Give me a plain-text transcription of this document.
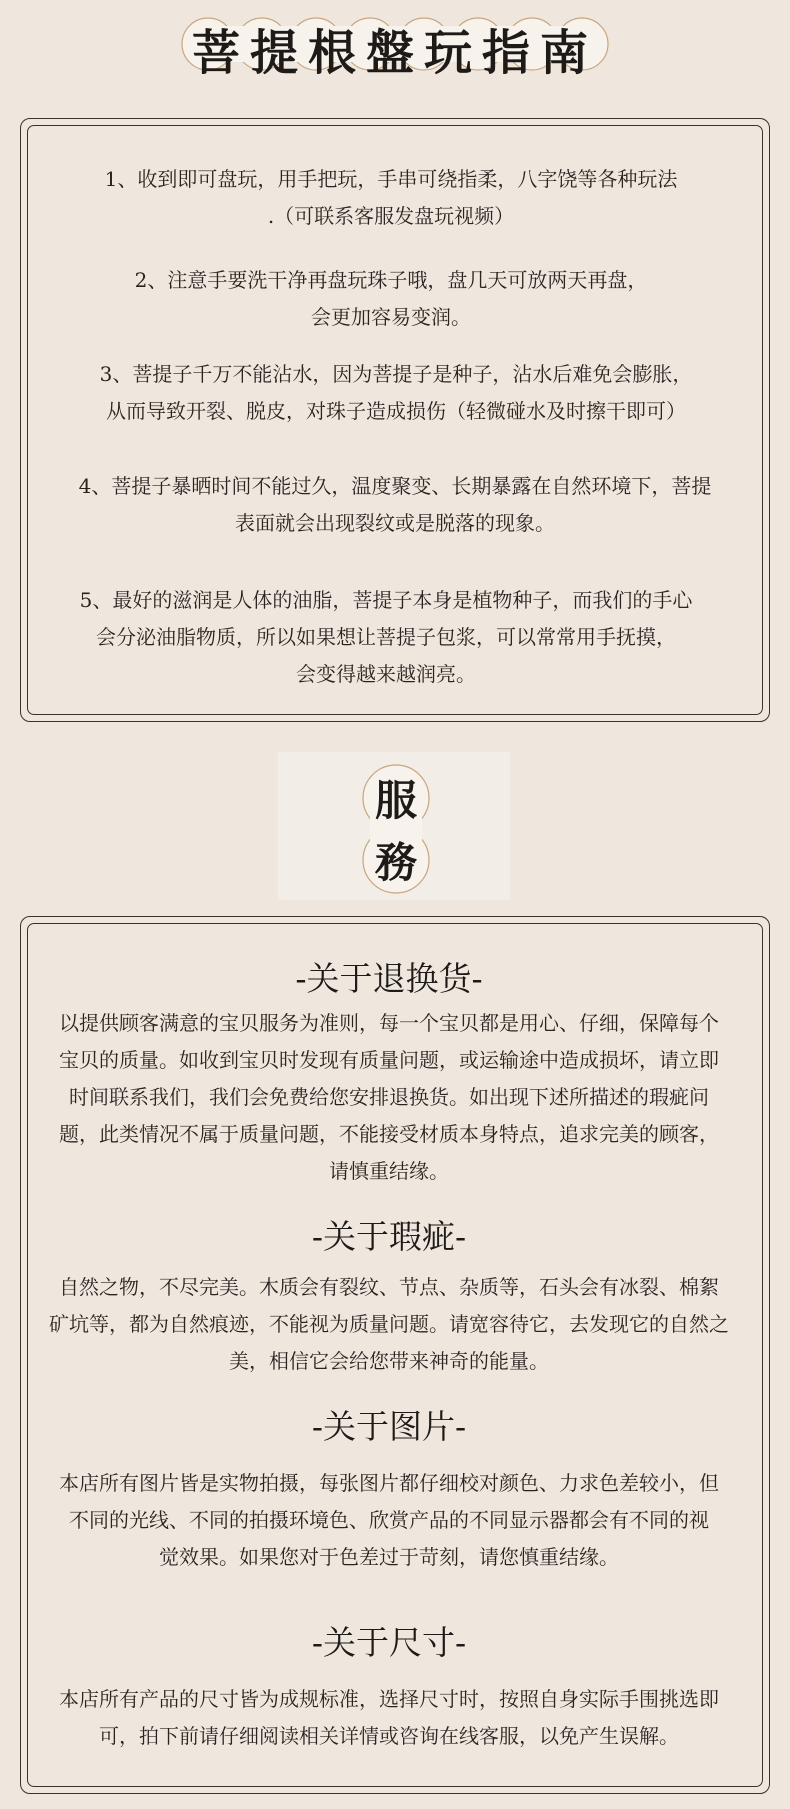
菩提根盤玩指南
1、收到即可盘玩，用手把玩，手串可绕指柔，八字饶等各种玩法
.（可联系客服发盘玩视频）
2、注意手要洗干净再盘玩珠子哦，盘几天可放两天再盘，
会更加容易变润。
3、菩提子千万不能沾水，因为菩提子是种子，沾水后难免会膨胀，
从而导致开裂、脱皮，对珠子造成损伤（轻微碰水及时擦干即可）
4、菩提子暴晒时间不能过久，温度聚变、长期暴露在自然环境下，菩提
表面就会出现裂纹或是脱落的现象。
5、最好的滋润是人体的油脂，菩提子本身是植物种子，而我们的手心
会分泌油脂物质，所以如果想让菩提子包浆，可以常常用手抚摸，
会变得越来越润亮。
服
務
-关于退换货-
以提供顾客满意的宝贝服务为准则，每一个宝贝都是用心、仔细，保障每个
宝贝的质量。如收到宝贝时发现有质量问题，或运输途中造成损坏，请立即
时间联系我们，我们会免费给您安排退换货。如出现下述所描述的瑕疵问
题，此类情况不属于质量问题，不能接受材质本身特点，追求完美的顾客，
请慎重结缘。
-关于瑕疵-
自然之物，不尽完美。木质会有裂纹、节点、杂质等，石头会有冰裂、棉絮
矿坑等，都为自然痕迹，不能视为质量问题。请宽容待它，去发现它的自然之
美，相信它会给您带来神奇的能量。
-关于图片-
本店所有图片皆是实物拍摄，每张图片都仔细校对颜色、力求色差较小，但
不同的光线、不同的拍摄环境色、欣赏产品的不同显示器都会有不同的视
觉效果。如果您对于色差过于苛刻，请您慎重结缘。
-关于尺寸-
本店所有产品的尺寸皆为成规标准，选择尺寸时，按照自身实际手围挑选即
可，拍下前请仔细阅读相关详情或咨询在线客服，以免产生误解。
